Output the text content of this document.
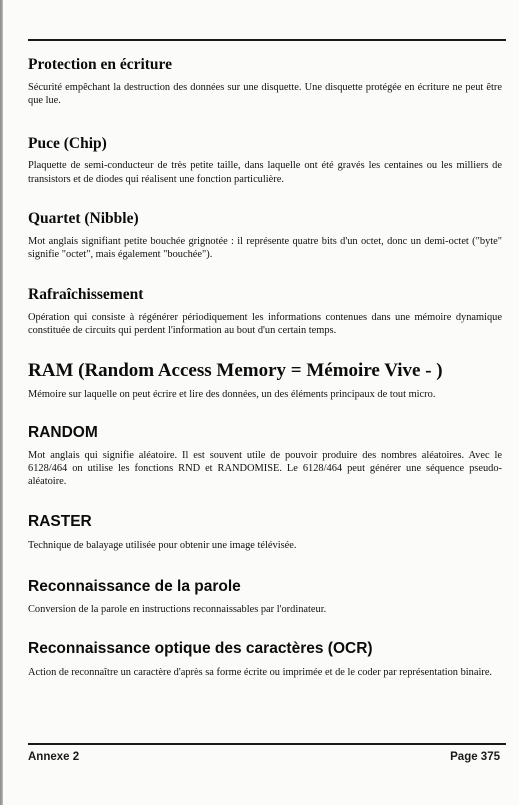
Protection en écriture

Sécurité empêchant la destruction des données sur une disquette. Une disquette protégée en écriture ne peut être que lue.

Puce (Chip)

Plaquette de semi-conducteur de très petite taille, dans laquelle ont été gravés les centaines ou les milliers de transistors et de diodes qui réalisent une fonction particulière.

Quartet (Nibble)

Mot anglais signifiant petite bouchée grignotée : il représente quatre bits d'un octet, donc un demi-octet ("byte" signifie "octet", mais également "bouchée").

Rafraîchissement

Opération qui consiste à régénérer périodiquement les informations contenues dans une mémoire dynamique constituée de circuits qui perdent l'information au bout d'un certain temps.

RAM (Random Access Memory = Mémoire Vive - )

Mémoire sur laquelle on peut écrire et lire des données, un des éléments principaux de tout micro.

RANDOM

Mot anglais qui signifie aléatoire. Il est souvent utile de pouvoir produire des nombres aléatoires. Avec le 6128/464 on utilise les fonctions RND et RANDOMISE. Le 6128/464 peut générer une séquence pseudo-aléatoire.

RASTER

Technique de balayage utilisée pour obtenir une image télévisée.

Reconnaissance de la parole

Conversion de la parole en instructions reconnaissables par l'ordinateur.

Reconnaissance optique des caractères (OCR)

Action de reconnaître un caractère d'après sa forme écrite ou imprimée et de le coder par représentation binaire.

Annexe 2	Page 375
